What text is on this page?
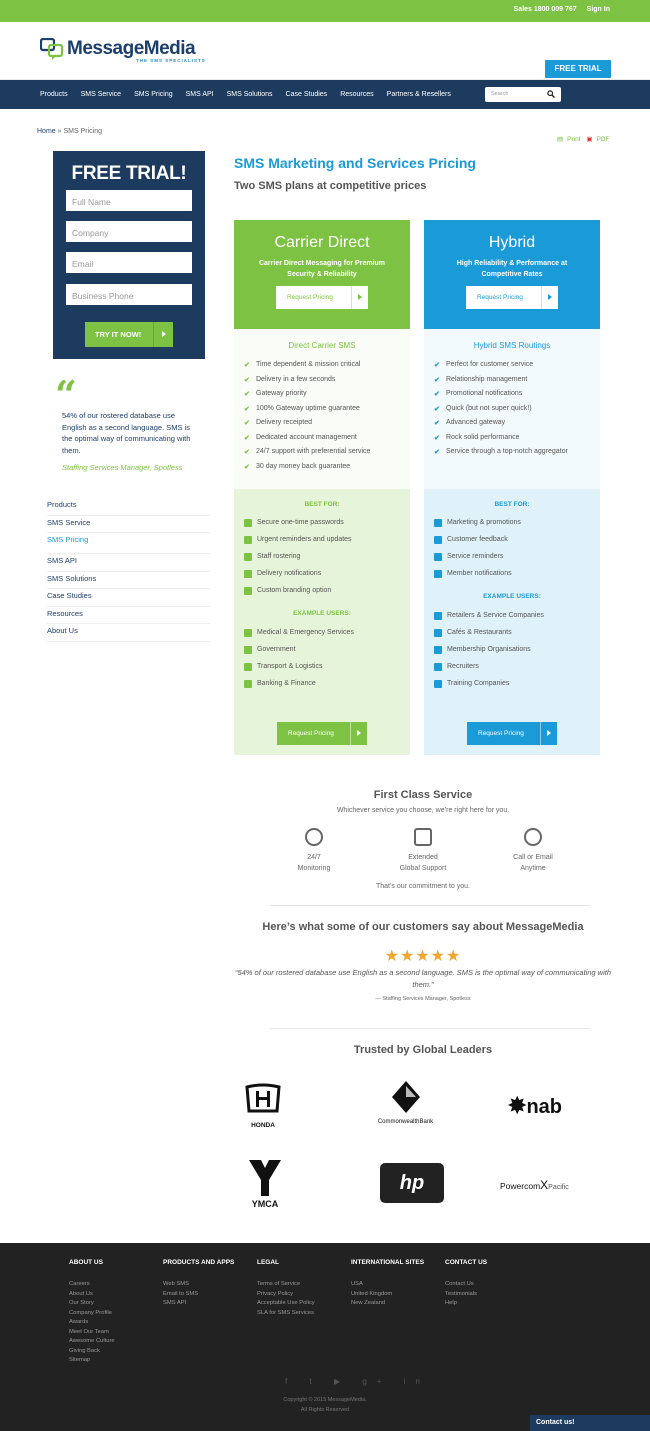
Sales 1800 009 767 Sign In
MessageMedia
THE SMS SPECIALISTS
FREE TRIAL
Products SMS Service SMS Pricing SMS API SMS Solutions Case Studies Resources Partners & Resellers	Search
Home » SMS Pricing
▤ Print ▣ PDF
FREE TRIAL!
Full Name
Company
Email
Business Phone
TRY IT NOW!
“
54% of our rostered database use English as a second language. SMS is the optimal way of communicating with them.
Staffing Services Manager, Spotless
Products
SMS Service
SMS Pricing
SMS API
SMS Solutions
Case Studies
Resources
About Us
SMS Marketing and Services Pricing
Two SMS plans at competitive prices
Carrier Direct
Carrier Direct Messaging for Premium Security & Reliability
Request Pricing
Direct Carrier SMS
✔ Time dependent & mission critical
✔ Delivery in a few seconds
✔ Gateway priority
✔ 100% Gateway uptime guarantee
✔ Delivery receipted
✔ Dedicated account management
✔ 24/7 support with preferential service
✔ 30 day money back guarantee
BEST FOR:
Secure one-time passwords
Urgent reminders and updates
Staff rostering
Delivery notifications
Custom branding option
EXAMPLE USERS:
Medical & Emergency Services
Government
Transport & Logistics
Banking & Finance
Request Pricing
Hybrid
High Reliability & Performance at Competitive Rates
Request Pricing
Hybrid SMS Routings
✔ Perfect for customer service
✔ Relationship management
✔ Promotional notifications
✔ Quick (but not super quick!)
✔ Advanced gateway
✔ Rock solid performance
✔ Service through a top-notch aggregator
BEST FOR:
Marketing & promotions
Customer feedback
Service reminders
Member notifications
EXAMPLE USERS:
Retailers & Service Companies
Cafés & Restaurants
Membership Organisations
Recruiters
Training Companies
Request Pricing
First Class Service
Whichever service you choose, we’re right here for you.
24/7
Monitoring
Extended
Global Support
Call or Email
Anytime
That’s our commitment to you.
Here’s what some of our customers say about MessageMedia
★★★★★
“54% of our rostered database use English as a second language. SMS is the optimal way of communicating with them.”
— Staffing Services Manager, Spotless
Trusted by Global Leaders
HONDA	CommonwealthBank
✸nab
YMCA
hp	PowercomXPacific
ABOUT US
Careers
About Us
Our Story
Company Profile
Awards
Meet Our Team
Awesome Culture
Giving Back
Sitemap
PRODUCTS AND APPS
Web SMS
Email to SMS
SMS API
LEGAL
Terms of Service
Privacy Policy
Acceptable Use Policy
SLA for SMS Services
INTERNATIONAL SITES
USA
United Kingdom
New Zealand
CONTACT US
Contact Us
Testimonials
Help
f t ▶ g+ in
Copyright © 2015 MessageMedia.
All Rights Reserved
Contact us!
